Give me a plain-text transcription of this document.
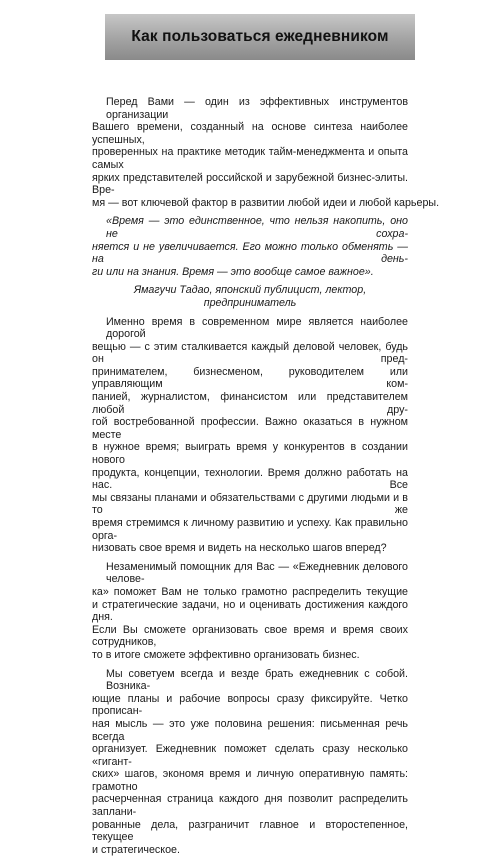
Как пользоваться ежедневником
Перед Вами — один из эффективных инструментов организации
Вашего времени, созданный на основе синтеза наиболее успешных,
проверенных на практике методик тайм-менеджмента и опыта самых
ярких представителей российской и зарубежной бизнес-элиты. Вре-
мя — вот ключевой фактор в развитии любой идеи и любой карьеры.
«Время — это единственное, что нельзя накопить, оно не сохра-
няется и не увеличивается. Его можно только обменять — на день-
ги или на знания. Время — это вообще самое важное».
Ямагучи Тадао, японский публицист, лектор, предприниматель
Именно время в современном мире является наиболее дорогой
вещью — с этим сталкивается каждый деловой человек, будь он пред-
принимателем, бизнесменом, руководителем или управляющим ком-
панией, журналистом, финансистом или представителем любой дру-
гой востребованной профессии. Важно оказаться в нужном месте
в нужное время; выиграть время у конкурентов в создании нового
продукта, концепции, технологии. Время должно работать на нас. Все
мы связаны планами и обязательствами с другими людьми и в то же
время стремимся к личному развитию и успеху. Как правильно орга-
низовать свое время и видеть на несколько шагов вперед?
Незаменимый помощник для Вас — «Ежедневник делового челове-
ка» поможет Вам не только грамотно распределить текущие
и стратегические задачи, но и оценивать достижения каждого дня.
Если Вы сможете организовать свое время и время своих сотрудников,
то в итоге сможете эффективно организовать бизнес.
Мы советуем всегда и везде брать ежедневник с собой. Возника-
ющие планы и рабочие вопросы сразу фиксируйте. Четко прописан-
ная мысль — это уже половина решения: письменная речь всегда
организует. Ежедневник поможет сделать сразу несколько «гигант-
ских» шагов, экономя время и личную оперативную память: грамотно
расчерченная страница каждого дня позволит распределить заплани-
рованные дела, разграничит главное и второстепенное, текущее
и стратегическое.
